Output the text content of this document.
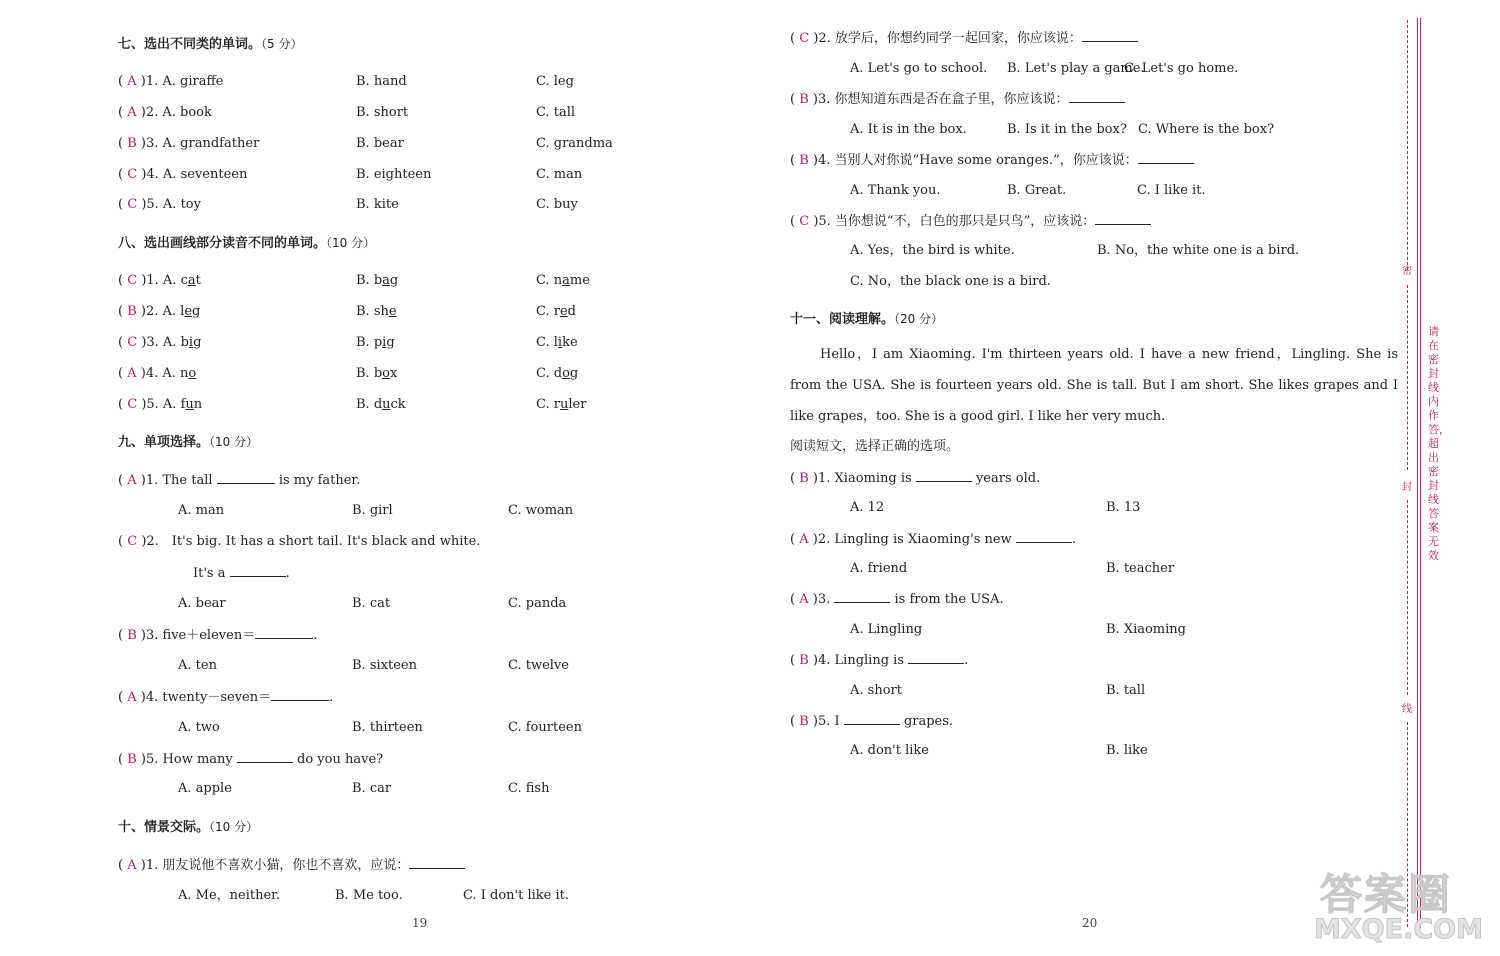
七、选出不同类的单词。（5 分）
( A )1. A. giraffe	B. hand	C. leg
( A )2. A. book	B. short	C. tall
( B )3. A. grandfather	B. bear	C. grandma
( C )4. A. seventeen	B. eighteen	C. man
( C )5. A. toy	B. kite	C. buy
八、选出画线部分读音不同的单词。（10 分）
( C )1. A. cat	B. bag	C. name
( B )2. A. leg	B. she	C. red
( C )3. A. big	B. pig	C. like
( A )4. A. no	B. box	C. dog
( C )5. A. fun	B. duck	C. ruler
九、单项选择。（10 分）
( A )1. The tall	is my father.
A. man	B. girl	C. woman
( C )2.　It's big. It has a short tail. It's black and white.
It's a	.
A. bear	B. cat	C. panda
( B )3. five＋eleven＝	.
A. ten	B. sixteen	C. twelve
( A )4. twenty－seven＝	.
A. two	B. thirteen	C. fourteen
( B )5. How many	do you have?
A. apple	B. car	C. fish
十、情景交际。（10 分）
( A )1. 朋友说他不喜欢小猫，你也不喜欢，应说：
A. Me，neither.	B. Me too.	C. I don't like it.
19
( C )2. 放学后，你想约同学一起回家，你应该说：
A. Let's go to school. B. Let's play a game.
C. Let's go home.
( B )3. 你想知道东西是否在盒子里，你应该说：
A. It is in the box.	B. Is it in the box? C. Where is the box?
( B )4. 当别人对你说“Have some oranges.”，你应该说：
A. Thank you.	B. Great.	C. I like it.
( C )5. 当你想说“不，白色的那只是只鸟”，应该说：
A. Yes，the bird is white.	B. No，the white one is a bird.
C. No，the black one is a bird.
十一、阅读理解。（20 分）
Hello，I am Xiaoming. I'm thirteen years old. I have a new friend，Lingling. She is from the USA. She is fourteen years old. She is tall. But I am short. She likes grapes and I like grapes，too. She is a good girl. I like her very much.
阅读短文，选择正确的选项。
( B )1. Xiaoming is	years old.
A. 12	B. 13
( A )2. Lingling is Xiaoming's new	.
A. friend	B. teacher
( A )3.	is from the USA.
A. Lingling	B. Xiaoming
( B )4. Lingling is	.
A. short	B. tall
( B )5. I	grapes.
A. don't like	B. like
20
密
封
线
请在密封线内作答，超出密封线答案无效
答案圈
MXQE.COM
